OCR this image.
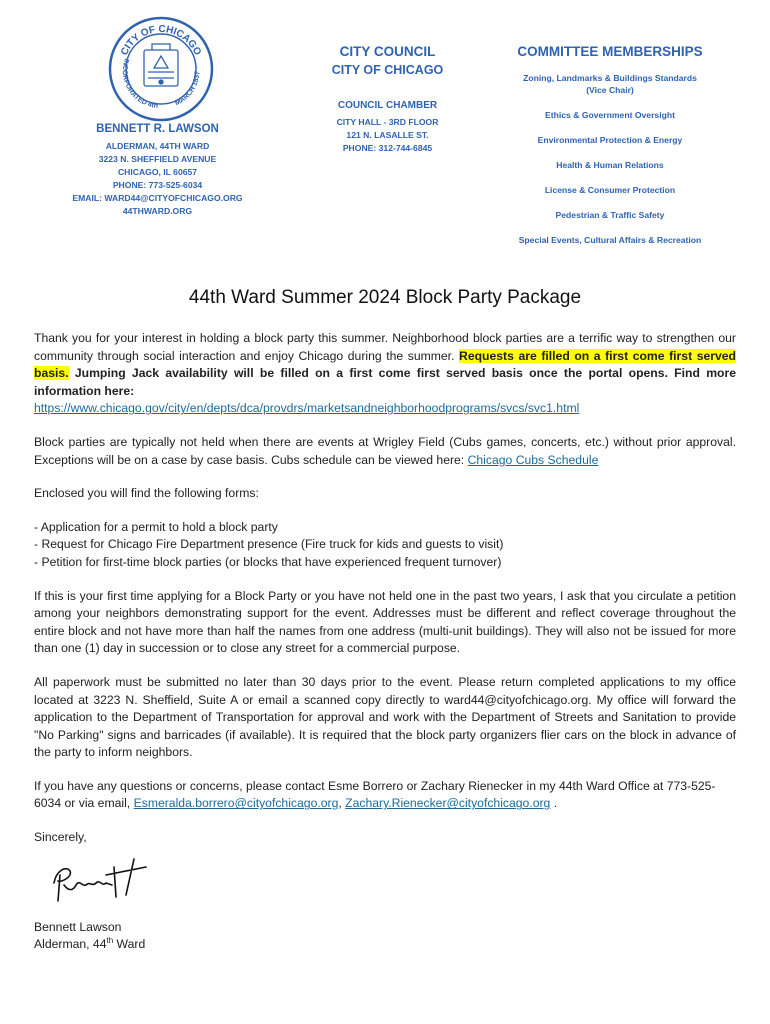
CITY OF CHICAGO
INCORPORATED 4th MARCH 1837
BENNETT R. LAWSON
ALDERMAN, 44TH WARD
3223 N. SHEFFIELD AVENUE
CHICAGO, IL 60657
PHONE: 773-525-6034
EMAIL: WARD44@CITYOFCHICAGO.ORG
44THWARD.ORG
CITY COUNCIL
CITY OF CHICAGO
COUNCIL CHAMBER
CITY HALL - 3RD FLOOR
121 N. LASALLE ST.
PHONE: 312-744-6845
COMMITTEE MEMBERSHIPS
Zoning, Landmarks & Buildings Standards
(Vice Chair)
Ethics & Government Oversight
Environmental Protection & Energy
Health & Human Relations
License & Consumer Protection
Pedestrian & Traffic Safety
Special Events, Cultural Affairs & Recreation
44th Ward Summer 2024 Block Party Package

Thank you for your interest in holding a block party this summer. Neighborhood block parties are a terrific way to strengthen our community through social interaction and enjoy Chicago during the summer. Requests are filled on a first come first served basis. Jumping Jack availability will be filled on a first come first served basis once the portal opens. Find more information here:

https://www.chicago.gov/city/en/depts/dca/provdrs/marketsandneighborhoodprograms/svcs/svc1.html

Block parties are typically not held when there are events at Wrigley Field (Cubs games, concerts, etc.) without prior approval. Exceptions will be on a case by case basis. Cubs schedule can be viewed here: Chicago Cubs Schedule

Enclosed you will find the following forms:

- Application for a permit to hold a block party
- Request for Chicago Fire Department presence (Fire truck for kids and guests to visit)
- Petition for first-time block parties (or blocks that have experienced frequent turnover)

If this is your first time applying for a Block Party or you have not held one in the past two years, I ask that you circulate a petition among your neighbors demonstrating support for the event. Addresses must be different and reflect coverage throughout the entire block and not have more than half the names from one address (multi-unit buildings). They will also not be issued for more than one (1) day in succession or to close any street for a commercial purpose.

All paperwork must be submitted no later than 30 days prior to the event. Please return completed applications to my office located at 3223 N. Sheffield, Suite A or email a scanned copy directly to ward44@cityofchicago.org. My office will forward the application to the Department of Transportation for approval and work with the Department of Streets and Sanitation to provide "No Parking" signs and barricades (if available). It is required that the block party organizers flier cars on the block in advance of the party to inform neighbors.

If you have any questions or concerns, please contact Esme Borrero or Zachary Rienecker in my 44th Ward Office at 773-525-6034 or via email, Esmeralda.borrero@cityofchicago.org, Zachary.Rienecker@cityofchicago.org .

Sincerely,
Bennett Lawson
Alderman, 44th Ward
